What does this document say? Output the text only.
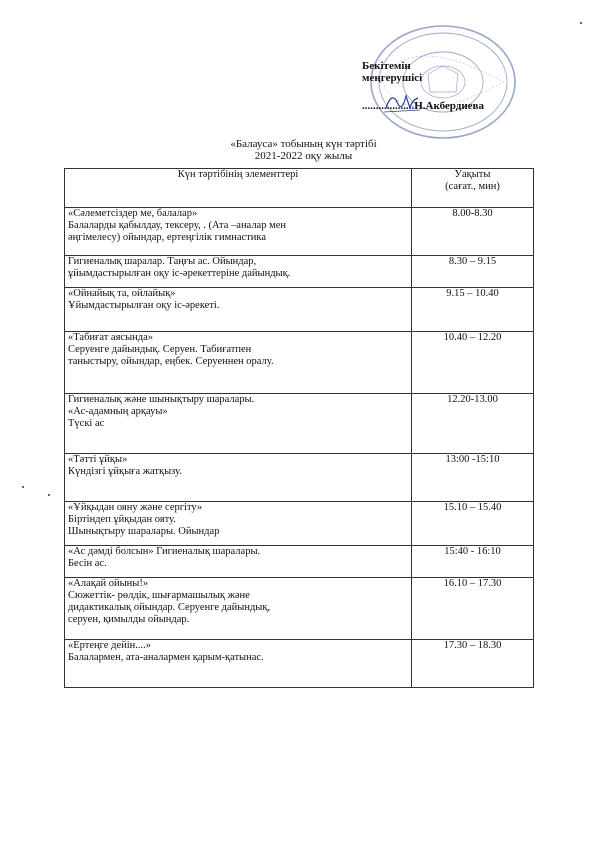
Бекітемін
меңгерушісі
...................Н.Акбердиева
«Балауса» тобының күн тәртібі
2021-2022 оқу жылы
Күн тәртібінің элементтері	Уақыты
(сағат., мин)

«Сәлеметсіздер ме, балалар»
Балаларды қабылдау, тексеру, . (Ата –аналар мен
әңгімелесу) ойындар, ертеңгілік гимнастика	8.00-8.30

Гигиеналық шаралар. Таңғы ас. Ойындар,
ұйымдастырылған оқу іс-әрекеттеріне дайындық.	8.30 – 9.15

«Ойнайық та, ойлайық»
Ұйымдастырылған оқу іс-әрекеті.	9.15 – 10.40

«Табиғат аясында»
Серуенге дайындық. Серуен. Табиғатпен
таныстыру, ойындар, еңбек. Серуеннен оралу.	10.40 – 12.20

Гигиеналық және шынықтыру шаралары.
«Ас-адамның арқауы»
Түскі ас	12.20-13.00

«Тәтті ұйқы»
Күндізгі ұйқыға жатқызу.	13:00 -15:10

«Ұйқыдан ояну және сергіту»
Біртіндеп ұйқыдан ояту.
Шынықтыру шаралары. Ойындар	15.10 – 15.40

«Ас дәмді болсын» Гигиеналық шаралары.
Бесін ас.	15:40 - 16:10

«Алақай ойыны!»
Сюжеттік- рөлдік, шығармашылық және
дидактикалық ойындар. Серуенге дайындық,
серуен, қимылды ойындар.	16.10 – 17.30

«Ертеңге дейін....»
Балалармен, ата-аналармен қарым-қатынас.	17.30 – 18.30
